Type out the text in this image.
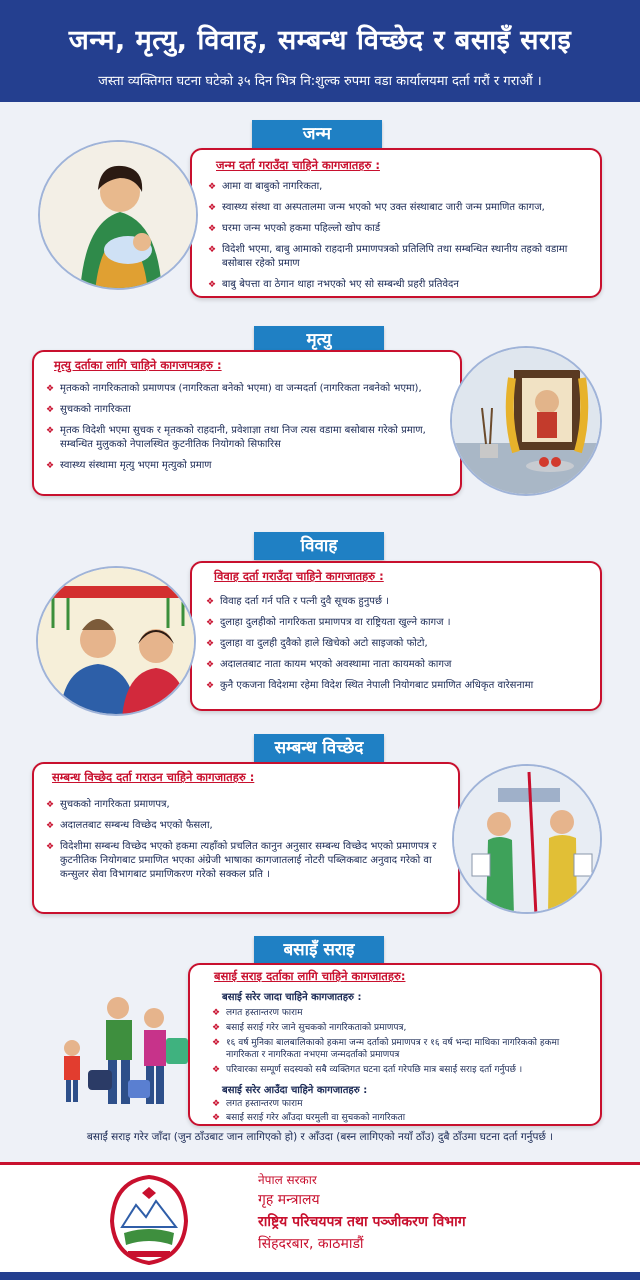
जन्म, मृत्यु, विवाह, सम्बन्ध विच्छेद र बसाइँ सराइ
जस्ता व्यक्तिगत घटना घटेको ३५ दिन भित्र नि:शुल्क रुपमा वडा कार्यालयमा दर्ता गरौं र गराऔं ।
जन्म
जन्म दर्ता गराउँदा चाहिने कागजातहरु :
❖ आमा वा बाबुको नागरिकता,
❖ स्वास्थ्य संस्था वा अस्पतालमा जन्म भएको भए उक्त संस्थाबाट जारी जन्म प्रमाणित कागज,
❖ घरमा जन्म भएको हकमा पहिल्लो खोप कार्ड
❖ विदेशी भएमा, बाबु आमाको राहदानी प्रमाणपत्रको प्रतिलिपि तथा सम्बन्धित स्थानीय तहको वडामा बसोबास रहेको प्रमाण
❖ बाबु बेपत्ता वा ठेगान थाहा नभएको भए सो सम्बन्धी प्रहरी प्रतिवेदन
मृत्यु
मृत्यु दर्ताका लागि चाहिने कागजपत्रहरु :
❖ मृतकको नागरिकताको प्रमाणपत्र (नागरिकता बनेको भएमा) वा जन्मदर्ता (नागरिकता नबनेको भएमा),
❖ सुचकको नागरिकता
❖ मृतक विदेशी भएमा सुचक र मृतकको राहदानी, प्रवेशाज्ञा तथा निज त्यस वडामा बसोबास गरेको प्रमाण, सम्बन्धित मुलुकको नेपालस्थित कुटनीतिक नियोगको सिफारिस
❖ स्वास्थ्य संस्थामा मृत्यु भएमा मृत्युको प्रमाण
विवाह
विवाह दर्ता गराउँदा चाहिने कागजातहरु :
❖ विवाह दर्ता गर्न पति र पत्नी दुवै सूचक हुनुपर्छ ।
❖ दुलाहा दुलहीको नागरिकता प्रमाणपत्र वा राष्ट्रियता खुल्ने कागज ।
❖ दुलाहा वा दुलही दुवैको हाले खिचेको अटो साइजको फोटो,
❖ अदालतबाट नाता कायम भएको अवस्थामा नाता कायमको कागज
❖ कुनै एकजना विदेशमा रहेमा विदेश स्थित नेपाली नियोगबाट प्रमाणित अधिकृत वारेसनामा
सम्बन्ध विच्छेद
सम्बन्ध विच्छेद दर्ता गराउन चाहिने कागजातहरु :
❖ सुचकको नागरिकता प्रमाणपत्र,
❖ अदालतबाट सम्बन्ध विच्छेद भएको फैसला,
❖ विदेशीमा सम्बन्ध विच्छेद भएको हकमा त्यहाँको प्रचलित कानुन अनुसार सम्बन्ध विच्छेद भएको प्रमाणपत्र र कुटनीतिक नियोगबाट प्रमाणित भएका अंग्रेजी भाषाका कागजातलाई नोटरी पब्लिकबाट अनुवाद गरेको वा कन्सुलर सेवा विभागबाट प्रमाणिकरण गरेको सक्कल प्रति ।
बसाइँ सराइ
बसाई सराइ दर्ताका लागि चाहिने कागजातहरु:
बसाई सरेर जादा चाहिने कागजातहरु :
❖ लगत हस्तान्तरण फाराम
❖ बसाई सराई गरेर जाने सुचकको नागरिकताको प्रमाणपत्र,
❖ १६ वर्ष मुनिका बालबालिकाको हकमा जन्म दर्ताको प्रमाणपत्र र १६ वर्ष भन्दा माथिका नागरिकको हकमा नागरिकता र नागरिकता नभएमा जन्मदर्ताको प्रमाणपत्र
❖ परिवारका सम्पूर्ण सदस्यको सबै व्यक्तिगत घटना दर्ता गरेपछि मात्र बसाई सराइ दर्ता गर्नुपर्छ ।
बसाई सरेर आउँदा चाहिने कागजातहरु :
❖ लगत हस्तान्तरण फाराम
❖ बसाई सराई गरेर आँउदा घरमुली वा सुचकको नागरिकता
बसाईं सराइ गरेर जाँदा (जुन ठाँउबाट जान लागिएको हो) र आँउदा (बस्न लागिएको नयाँ ठाँउ) दुबै ठाँउमा घटना दर्ता गर्नुपर्छ ।
नेपाल सरकार
गृह मन्त्रालय
राष्ट्रिय परिचयपत्र तथा पञ्जीकरण विभाग
सिंहदरबार, काठमाडौं
